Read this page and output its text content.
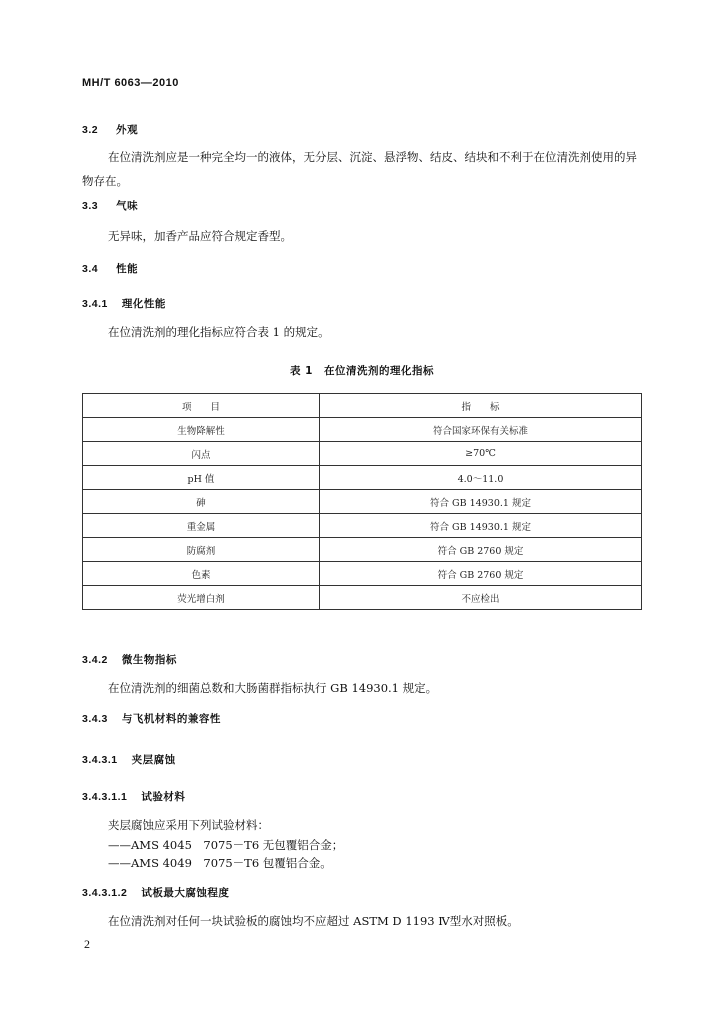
MH/T 6063—2010
3.2 外观
在位清洗剂应是一种完全均一的液体，无分层、沉淀、悬浮物、结皮、结块和不利于在位清洗剂使用的异物存在。
3.3 气味
无异味，加香产品应符合规定香型。
3.4 性能
3.4.1 理化性能
在位清洗剂的理化指标应符合表 1 的规定。
表 1　在位清洗剂的理化指标
项　　目	指　　标
生物降解性	符合国家环保有关标准
闪点	≥70℃
pH 值	4.0～11.0
砷	符合 GB 14930.1 规定
重金属	符合 GB 14930.1 规定
防腐剂	符合 GB 2760 规定
色素	符合 GB 2760 规定
荧光增白剂	不应检出
3.4.2 微生物指标
在位清洗剂的细菌总数和大肠菌群指标执行 GB 14930.1 规定。
3.4.3 与飞机材料的兼容性
3.4.3.1 夹层腐蚀
3.4.3.1.1 试验材料
夹层腐蚀应采用下列试验材料：
——AMS 4045　7075－T6 无包覆铝合金；
——AMS 4049　7075－T6 包覆铝合金。
3.4.3.1.2 试板最大腐蚀程度
在位清洗剂对任何一块试验板的腐蚀均不应超过 ASTM D 1193 Ⅳ型水对照板。
2
